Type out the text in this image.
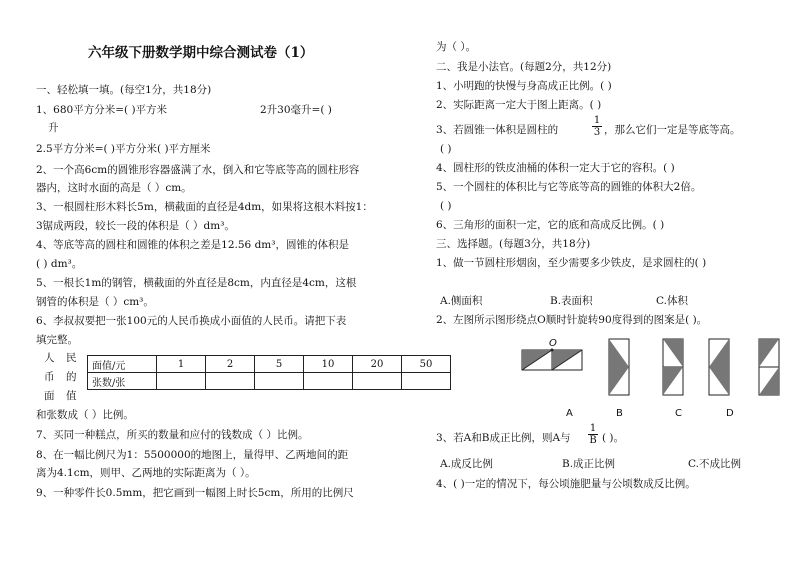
六年级下册数学期中综合测试卷（1）
一、轻松填一填。(每空1分，共18分)
1、680平方分米=( )平方米	2升30毫升=( )
升
2.5平方分米=( )平方分米( )平方厘米
2、一个高6cm的圆锥形容器盛满了水，倒入和它等底等高的圆柱形容
器内，这时水面的高是（ ）cm。
3、一根圆柱形木料长5m，横截面的直径是4dm，如果将这根木料按1：
3锯成两段，较长一段的体积是（ ）dm³。
4、等底等高的圆柱和圆锥的体积之差是12.56 dm³，圆锥的体积是
( ) dm³。
5、一根长1m的钢管，横截面的外直径是8cm，内直径是4cm，这根
钢管的体积是（ ）cm³。
6、李叔叔要把一张100元的人民币换成小面值的人民币。请把下表
填完整。
人 民
币 的
面 值
面值/元	1	2	5	10	20	50
张数/张						
和张数成（ ）比例。
7、买同一种糕点，所买的数量和应付的钱数成（ ）比例。
8、在一幅比例尺为1：5500000的地图上，量得甲、乙两地间的距
离为4.1cm，则甲、乙两地的实际距离为（ ）。
9、一种零件长0.5mm，把它画到一幅图上时长5cm，所用的比例尺
为（ ）。
二、我是小法官。(每题2分，共12分)
1、小明跑的快慢与身高成正比例。( )
2、实际距离一定大于图上距离。( )
3、若圆锥一体积是圆柱的	$\frac{1}{3}$ ，那么它们一定是等底等高。
( )
4、圆柱形的铁皮油桶的体积一定大于它的容积。( )
5、一个圆柱的体积比与它等底等高的圆锥的体积大2倍。
( )
6、三角形的面积一定，它的底和高成反比例。( )
三、选择题。(每题3分，共18分)
1、做一节圆柱形烟囱，至少需要多少铁皮，是求圆柱的( )
A.侧面积	B.表面积	C.体积
2、左图所示图形绕点O顺时针旋转90度得到的图案是( )。
O
A	B	C	D
3、若A和B成正比例，则A与 $\frac{1}{B}$ ( )。
A.成反比例	B.成正比例	C.不成比例
4、( )一定的情况下，每公顷施肥量与公顷数成反比例。
